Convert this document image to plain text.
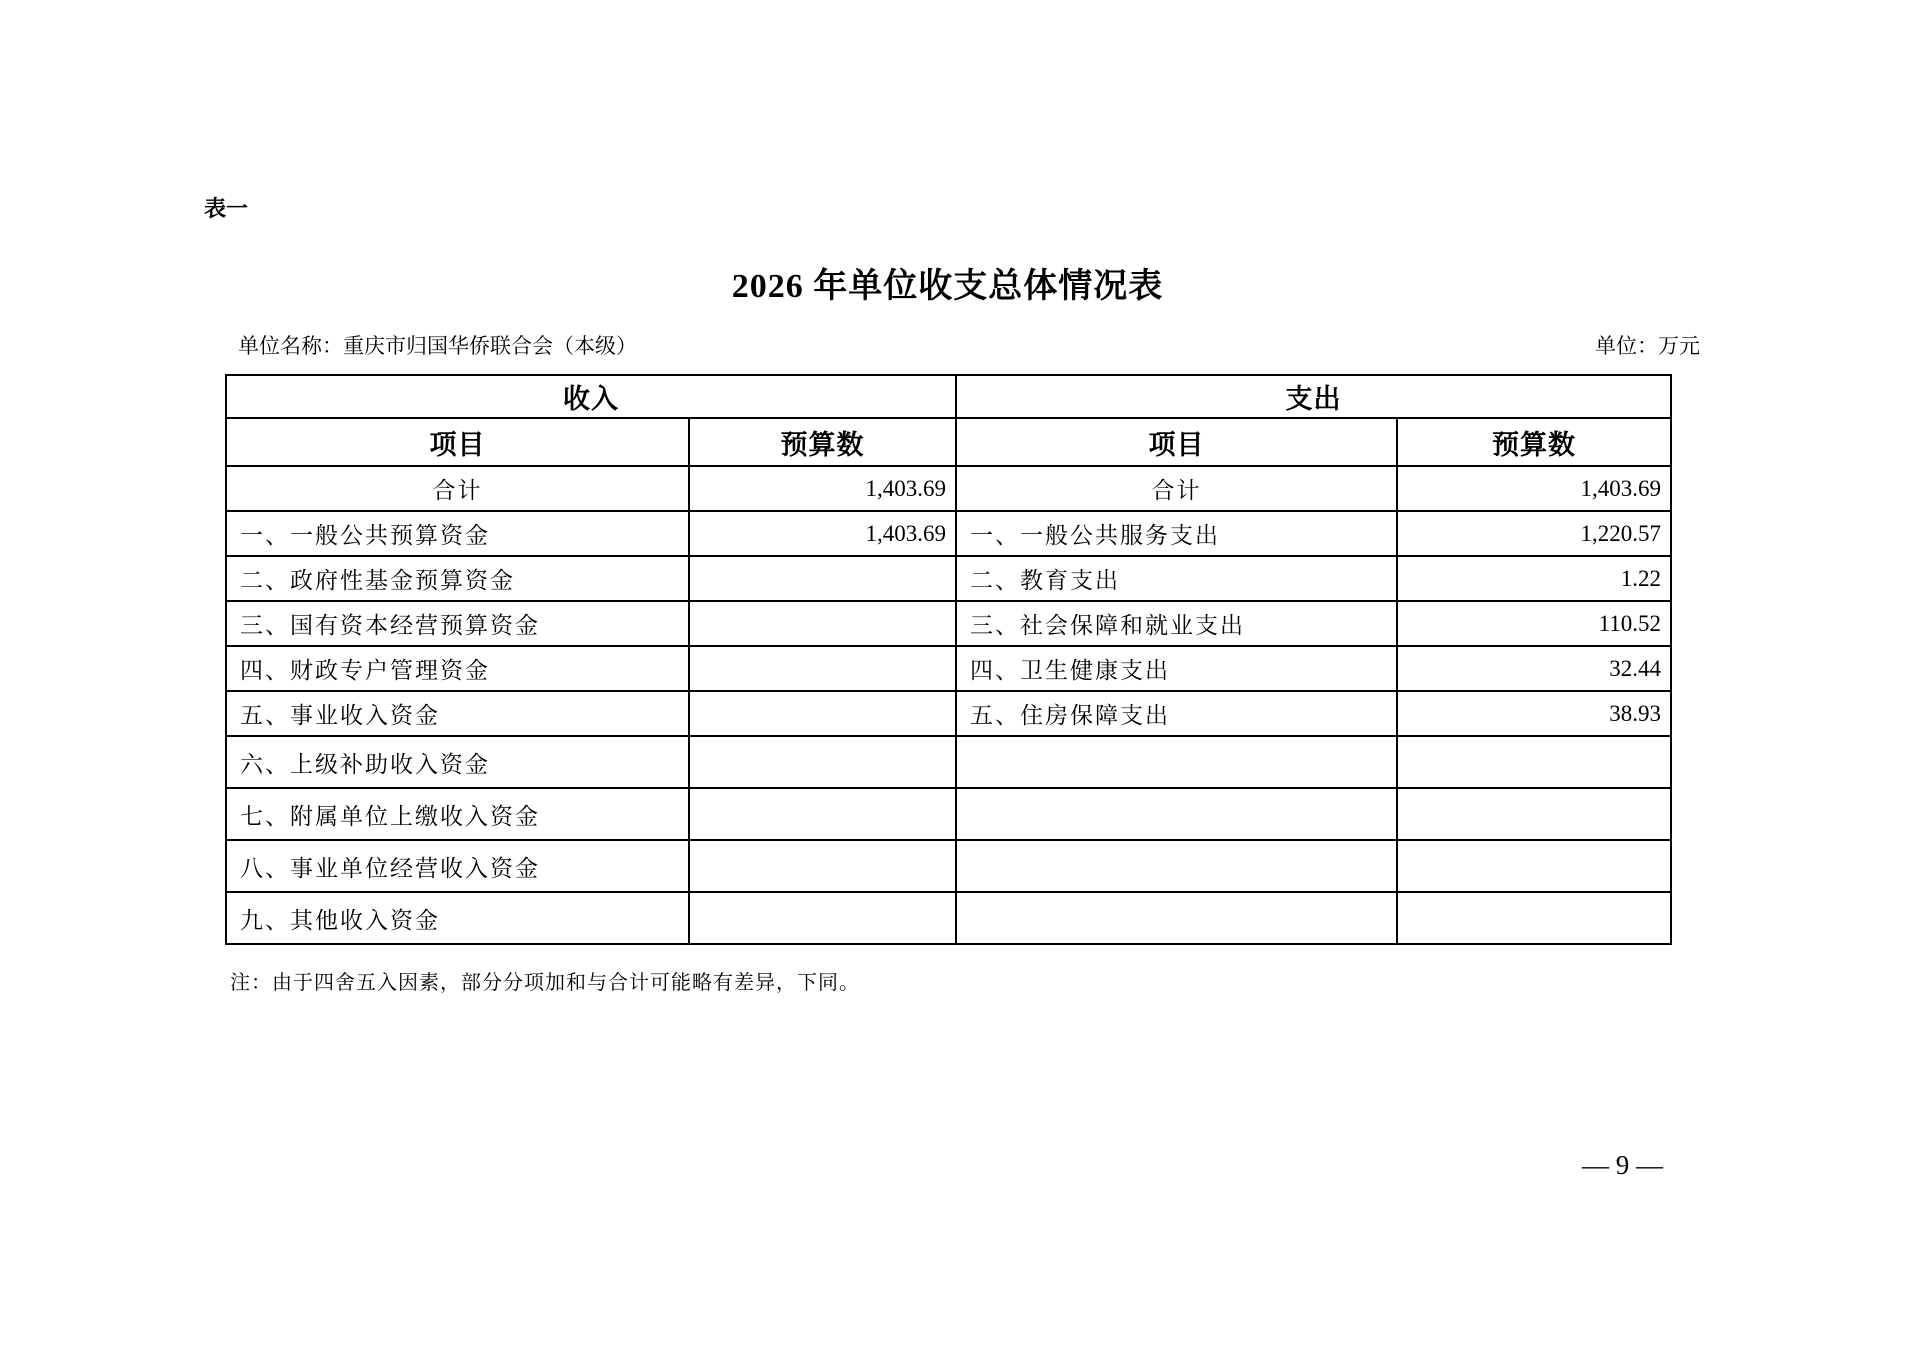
表一
2026 年单位收支总体情况表
单位名称：重庆市归国华侨联合会（本级）	单位：万元
收入		支出	
项目	预算数	项目	预算数
合计	1,403.69	合计	1,403.69
一、一般公共预算资金	1,403.69	一、一般公共服务支出	1,220.57
二、政府性基金预算资金		二、教育支出	1.22
三、国有资本经营预算资金		三、社会保障和就业支出	110.52
四、财政专户管理资金		四、卫生健康支出	32.44
五、事业收入资金		五、住房保障支出	38.93
六、上级补助收入资金			
七、附属单位上缴收入资金			
八、事业单位经营收入资金			
九、其他收入资金			
注：由于四舍五入因素，部分分项加和与合计可能略有差异，下同。
— 9 —
